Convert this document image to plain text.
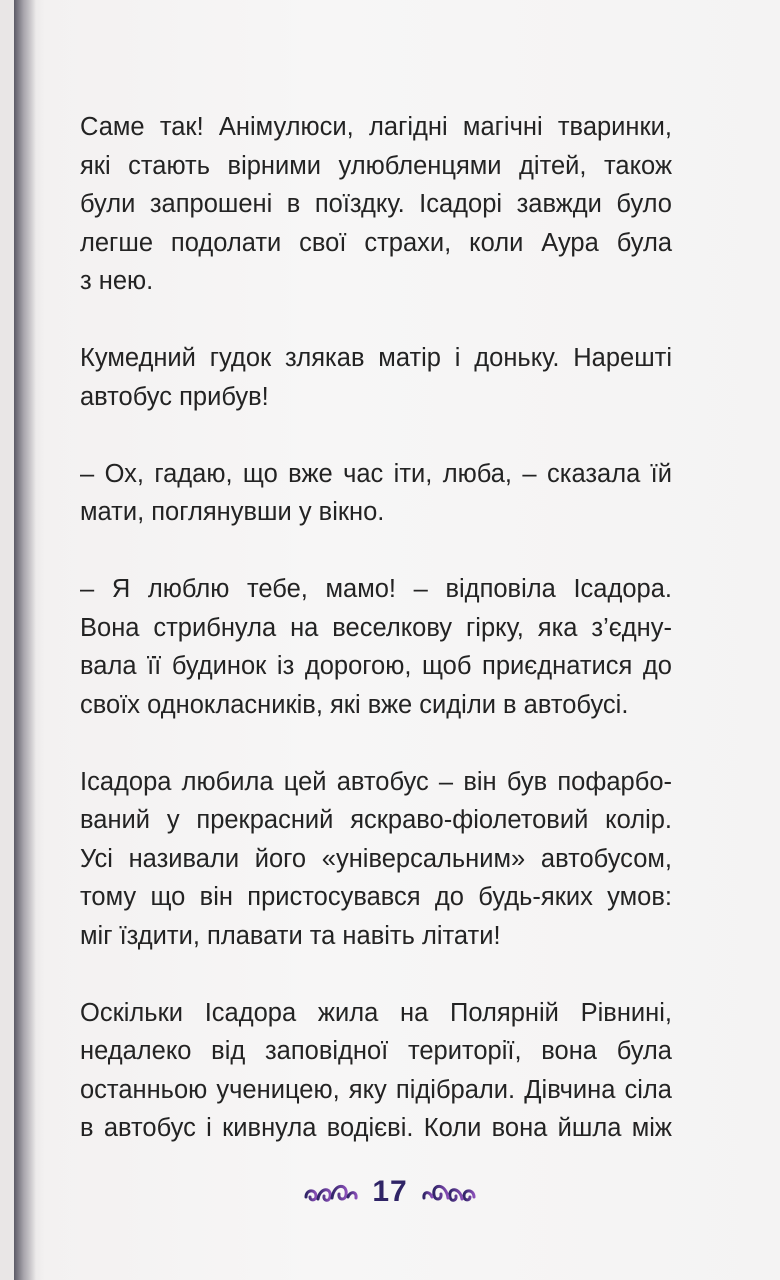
Саме так! Анімулюси, лагідні магічні тваринки,
які стають вірними улюбленцями дітей, також
були запрошені в поїздку. Ісадорі завжди було
легше подолати свої страхи, коли Аура була
з нею.

Кумедний гудок злякав матір і доньку. Нарешті
автобус прибув!

– Ох, гадаю, що вже час іти, люба, – сказала їй
мати, поглянувши у вікно.

– Я люблю тебе, мамо! – відповіла Ісадора.
Вона стрибнула на веселкову гірку, яка з’єдну-
вала її будинок із дорогою, щоб приєднатися до
своїх однокласників, які вже сиділи в автобусі.

Ісадора любила цей автобус – він був пофарбо-
ваний у прекрасний яскраво-фіолетовий колір.
Усі називали його «універсальним» автобусом,
тому що він пристосувався до будь-яких умов:
міг їздити, плавати та навіть літати!

Оскільки Ісадора жила на Полярній Рівнині,
недалеко від заповідної території, вона була
останньою ученицею, яку підібрали. Дівчина сіла
в автобус і кивнула водієві. Коли вона йшла між

17
